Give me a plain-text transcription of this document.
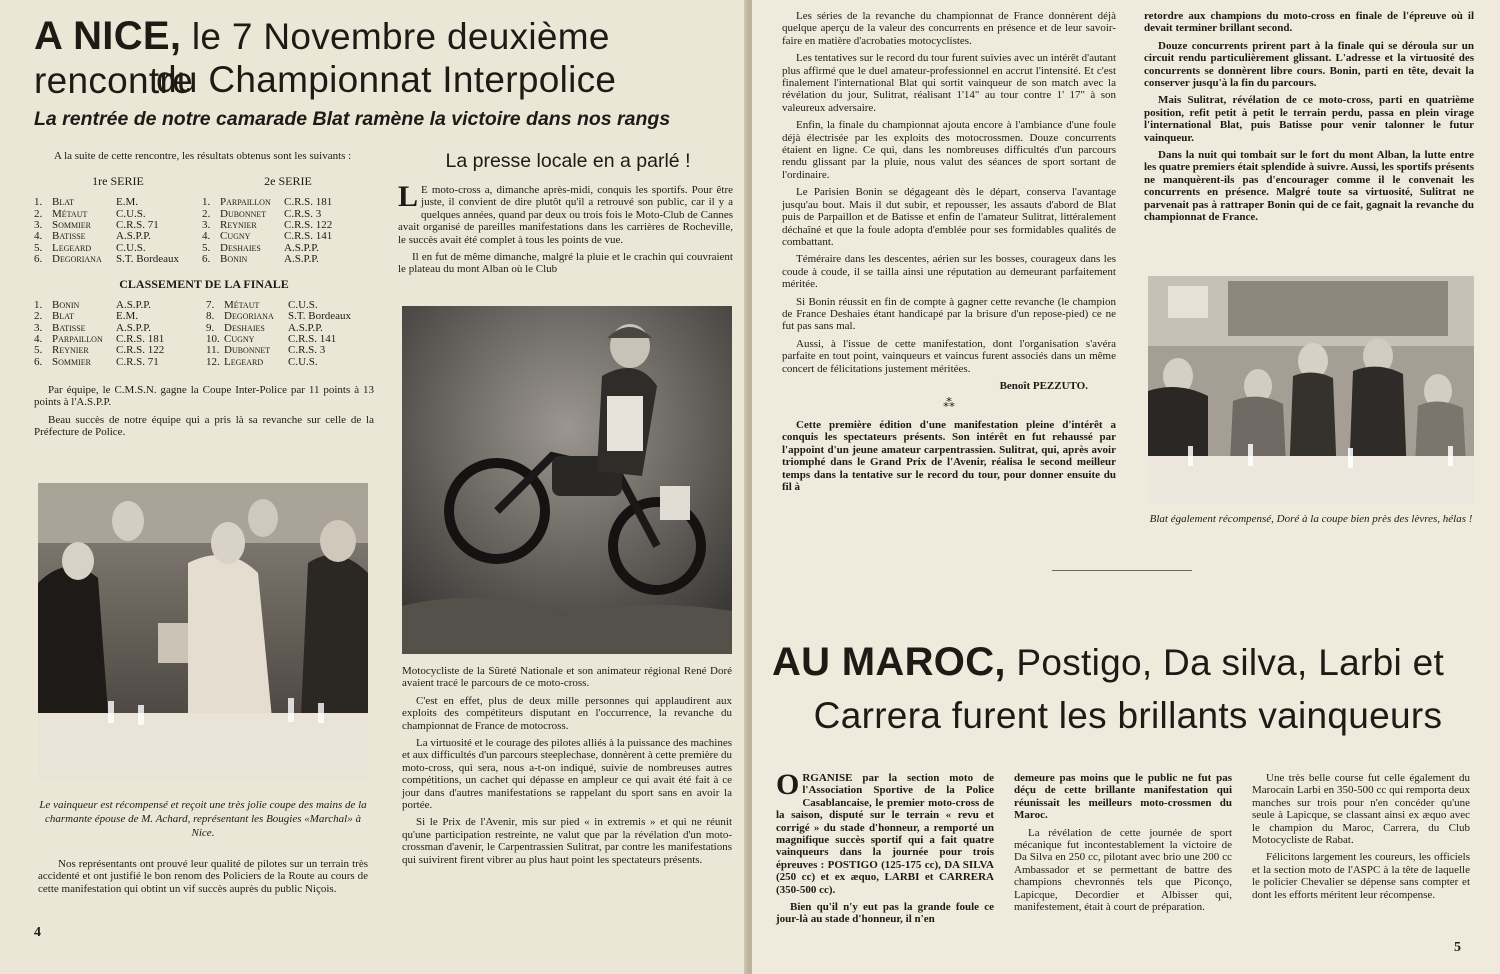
A NICE, le 7 Novembre deuxième rencontre
du Championnat Interpolice
La rentrée de notre camarade Blat ramène la victoire dans nos rangs
A la suite de cette rencontre, les résultats obtenus sont les suivants :
1re SERIE
1. Blat	E.M.
2. Métaut	C.U.S.
3. Sommier	C.R.S. 71
4. Batisse	A.S.P.P.
5. Legeard	C.U.S.
6. Degoriana	S.T. Bordeaux
2e SERIE
1. Parpaillon	C.R.S. 181
2. Dubonnet	C.R.S. 3
3. Reynier	C.R.S. 122
4. Cugny	C.R.S. 141
5. Deshaies	A.S.P.P.
6. Bonin	A.S.P.P.
CLASSEMENT DE LA FINALE
1. Bonin	A.S.P.P.
2. Blat	E.M.
3. Batisse	A.S.P.P.
4. Parpaillon	C.R.S. 181
5. Reynier	C.R.S. 122
6. Sommier	C.R.S. 71
7. Métaut	C.U.S.
8. Degoriana	S.T. Bordeaux
9. Deshaies	A.S.P.P.
10. Cugny	C.R.S. 141
11. Dubonnet	C.R.S. 3
12. Legeard	C.U.S.
Par équipe, le C.M.S.N. gagne la Coupe Inter-Police par 11 points à 13 points à l'A.S.P.P.
Beau succès de notre équipe qui a pris là sa revanche sur celle de la Préfecture de Police.
Le vainqueur est récompensé et reçoit une très jolie coupe des mains de la charmante épouse de M. Achard, représentant les Bougies «Marchal» à Nice.
Nos représentants ont prouvé leur qualité de pilotes sur un terrain très accidenté et ont justifié le bon renom des Policiers de la Route au cours de cette manifestation qui obtint un vif succès auprès du public Niçois.
La presse locale en a parlé !
L E moto-cross a, dimanche après-midi, conquis les sportifs. Pour être juste, il convient de dire plutôt qu'il a retrouvé son public, car il y a quelques années, quand par deux ou trois fois le Moto-Club de Cannes avait organisé de pareilles manifestations dans les carrières de Rocheville, le succès avait été complet à tous les points de vue.
Il en fut de même dimanche, malgré la pluie et le crachin qui couvraient le plateau du mont Alban où le Club
Motocycliste de la Sûreté Nationale et son animateur régional René Doré avaient tracé le parcours de ce moto-cross.
C'est en effet, plus de deux mille personnes qui applaudirent aux exploits des compétiteurs disputant en l'occurrence, la revanche du championnat de France de motocross.
La virtuosité et le courage des pilotes alliés à la puissance des machines et aux difficultés d'un parcours steeplechase, donnèrent à cette première du moto-cross, qui sera, nous a-t-on indiqué, suivie de nombreuses autres compétitions, un cachet qui dépasse en ampleur ce qui avait été fait à ce jour dans d'autres manifestations se rappelant du sport sans en avoir la portée.
Si le Prix de l'Avenir, mis sur pied « in extremis » et qui ne réunit qu'une participation restreinte, ne valut que par la révélation d'un moto-crossman d'avenir, le Carpentrassien Sulitrat, par contre les manifestations qui suivirent firent vibrer au plus haut point les spectateurs présents.
4
Les séries de la revanche du championnat de France donnèrent déjà quelque aperçu de la valeur des concurrents en présence et de leur savoir-faire en matière d'acrobaties motocyclistes.
Les tentatives sur le record du tour furent suivies avec un intérêt d'autant plus affirmé que le duel amateur-professionnel en accrut l'intensité. Et c'est finalement l'international Blat qui sortit vainqueur de son match avec la révélation du jour, Sulitrat, réalisant 1'14" au tour contre 1' 17" à son valeureux adversaire.
Enfin, la finale du championnat ajouta encore à l'ambiance d'une foule déjà électrisée par les exploits des motocrossmen. Douze concurrents étaient en ligne. Ce qui, dans les nombreuses difficultés d'un parcours rendu glissant par la pluie, nous valut des séances de sport sortant de l'ordinaire.
Le Parisien Bonin se dégageant dès le départ, conserva l'avantage jusqu'au bout. Mais il dut subir, et repousser, les assauts d'abord de Blat puis de Parpaillon et de Batisse et enfin de l'amateur Sulitrat, littéralement déchaîné et que la foule adopta d'emblée pour ses formidables qualités de combattant.
Téméraire dans les descentes, aérien sur les bosses, courageux dans les coude à coude, il se tailla ainsi une réputation au demeurant parfaitement méritée.
Si Bonin réussit en fin de compte à gagner cette revanche (le champion de France Deshaies étant handicapé par la brisure d'un repose-pied) ce ne fut pas sans mal.
Aussi, à l'issue de cette manifestation, dont l'organisation s'avéra parfaite en tout point, vainqueurs et vaincus furent associés dans un même concert de félicitations justement méritées.
Benoît PEZZUTO.
⁂
Cette première édition d'une manifestation pleine d'intérêt a conquis les spectateurs présents. Son intérêt en fut rehaussé par l'appoint d'un jeune amateur carpentrassien. Sulitrat, qui, après avoir triomphé dans le Grand Prix de l'Avenir, réalisa le second meilleur temps dans la tentative sur le record du tour, pour donner ensuite du fil à
retordre aux champions du moto-cross en finale de l'épreuve où il devait terminer brillant second.
Douze concurrents prirent part à la finale qui se déroula sur un circuit rendu particulièrement glissant. L'adresse et la virtuosité des concurrents se donnèrent libre cours. Bonin, parti en tête, devait la conserver jusqu'à la fin du parcours.
Mais Sulitrat, révélation de ce moto-cross, parti en quatrième position, refit petit à petit le terrain perdu, passa en plein virage l'international Blat, puis Batisse pour venir talonner le futur vainqueur.
Dans la nuit qui tombait sur le fort du mont Alban, la lutte entre les quatre premiers était splendide à suivre. Aussi, les sportifs présents ne manquèrent-ils pas d'encourager comme il le convenait les concurrents en présence. Malgré toute sa virtuosité, Sulitrat ne parvenait pas à rattraper Bonin qui de ce fait, gagnait la revanche du championnat de France.
Blat également récompensé, Doré à la coupe bien près des lèvres, hélas !
AU MAROC, Postigo, Da silva, Larbi et
Carrera furent les brillants vainqueurs
ORGANISE par la section moto de l'Association Sportive de la Police Casablancaise, le premier moto-cross de la saison, disputé sur le terrain « revu et corrigé » du stade d'honneur, a remporté un magnifique succès sportif qui a fait quatre vainqueurs dans la journée pour trois épreuves : POSTIGO (125-175 cc), DA SILVA (250 cc) et ex æquo, LARBI et CARRERA (350-500 cc).
Bien qu'il n'y eut pas la grande foule ce jour-là au stade d'honneur, il n'en
demeure pas moins que le public ne fut pas déçu de cette brillante manifestation qui réunissait les meilleurs moto-crossmen du Maroc.
La révélation de cette journée de sport mécanique fut incontestablement la victoire de Da Silva en 250 cc, pilotant avec brio une 200 cc Ambassador et se permettant de battre des champions chevronnés tels que Piconço, Lapicque, Decordier et Albisser qui, manifestement, était à court de préparation.
Une très belle course fut celle également du Marocain Larbi en 350-500 cc qui remporta deux manches sur trois pour n'en concéder qu'une seule à Lapicque, se classant ainsi ex æquo avec le champion du Maroc, Carrera, du Club Motocycliste de Rabat.
Félicitons largement les coureurs, les officiels et la section moto de l'ASPC à la tête de laquelle le policier Chevalier se dépense sans compter et dont les efforts méritent leur récompense.
5
